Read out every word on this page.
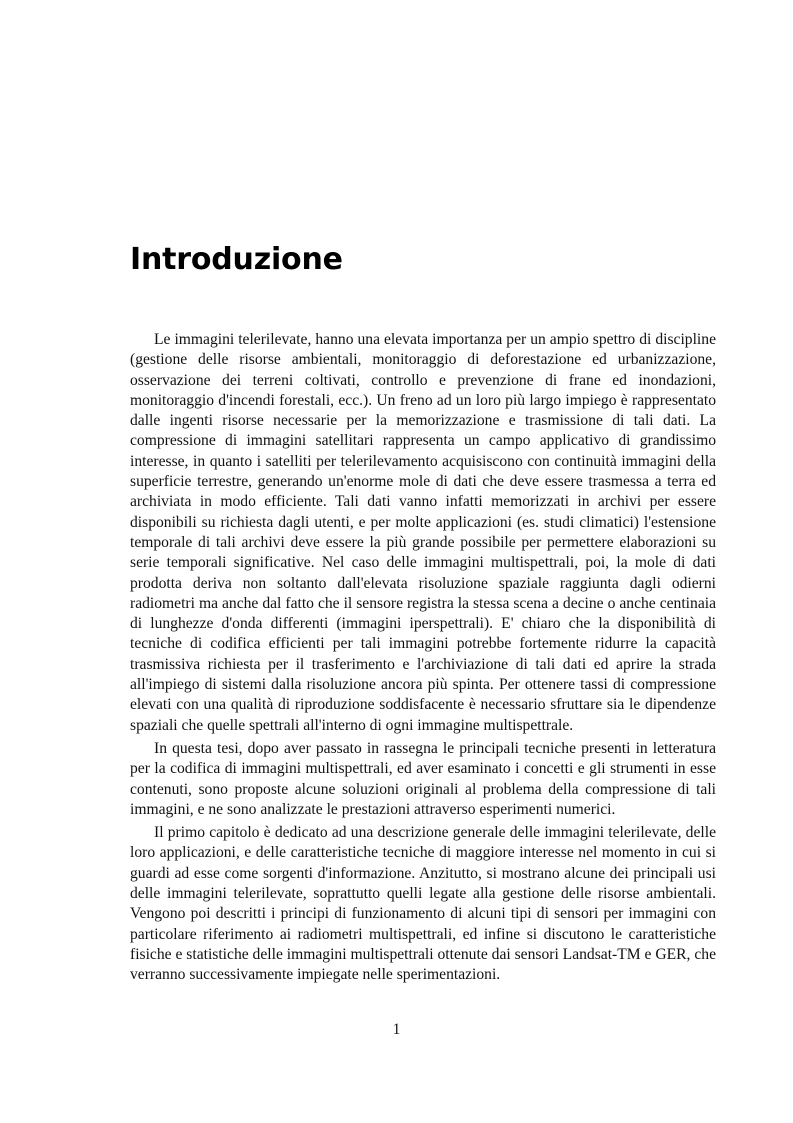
Introduzione

Le immagini telerilevate, hanno una elevata importanza per un ampio spettro di discipline (gestione delle risorse ambientali, monitoraggio di deforestazione ed urbanizzazione, osservazione dei terreni coltivati, controllo e prevenzione di frane ed inondazioni, monitoraggio d'incendi forestali, ecc.). Un freno ad un loro più largo impiego è rappresentato dalle ingenti risorse necessarie per la memorizzazione e trasmissione di tali dati. La compressione di immagini satellitari rappresenta un campo applicativo di grandissimo interesse, in quanto i satelliti per telerilevamento acquisiscono con continuità immagini della superficie terrestre, generando un'enorme mole di dati che deve essere trasmessa a terra ed archiviata in modo efficiente. Tali dati vanno infatti memorizzati in archivi per essere disponibili su richiesta dagli utenti, e per molte applicazioni (es. studi climatici) l'estensione temporale di tali archivi deve essere la più grande possibile per permettere elaborazioni su serie temporali significative. Nel caso delle immagini multispettrali, poi, la mole di dati prodotta deriva non soltanto dall'elevata risoluzione spaziale raggiunta dagli odierni radiometri ma anche dal fatto che il sensore registra la stessa scena a decine o anche centinaia di lunghezze d'onda differenti (immagini iperspettrali). E' chiaro che la disponibilità di tecniche di codifica efficienti per tali immagini potrebbe fortemente ridurre la capacità trasmissiva richiesta per il trasferimento e l'archiviazione di tali dati ed aprire la strada all'impiego di sistemi dalla risoluzione ancora più spinta. Per ottenere tassi di compressione elevati con una qualità di riproduzione soddisfacente è necessario sfruttare sia le dipendenze spaziali che quelle spettrali all'interno di ogni immagine multispettrale.

In questa tesi, dopo aver passato in rassegna le principali tecniche presenti in letteratura per la codifica di immagini multispettrali, ed aver esaminato i concetti e gli strumenti in esse contenuti, sono proposte alcune soluzioni originali al problema della compressione di tali immagini, e ne sono analizzate le prestazioni attraverso esperimenti numerici.

Il primo capitolo è dedicato ad una descrizione generale delle immagini telerilevate, delle loro applicazioni, e delle caratteristiche tecniche di maggiore interesse nel momento in cui si guardi ad esse come sorgenti d'informazione. Anzitutto, si mostrano alcune dei principali usi delle immagini telerilevate, soprattutto quelli legate alla gestione delle risorse ambientali. Vengono poi descritti i principi di funzionamento di alcuni tipi di sensori per immagini con particolare riferimento ai radiometri multispettrali, ed infine si discutono le caratteristiche fisiche e statistiche delle immagini multispettrali ottenute dai sensori Landsat-TM e GER, che verranno successivamente impiegate nelle sperimentazioni.

1
